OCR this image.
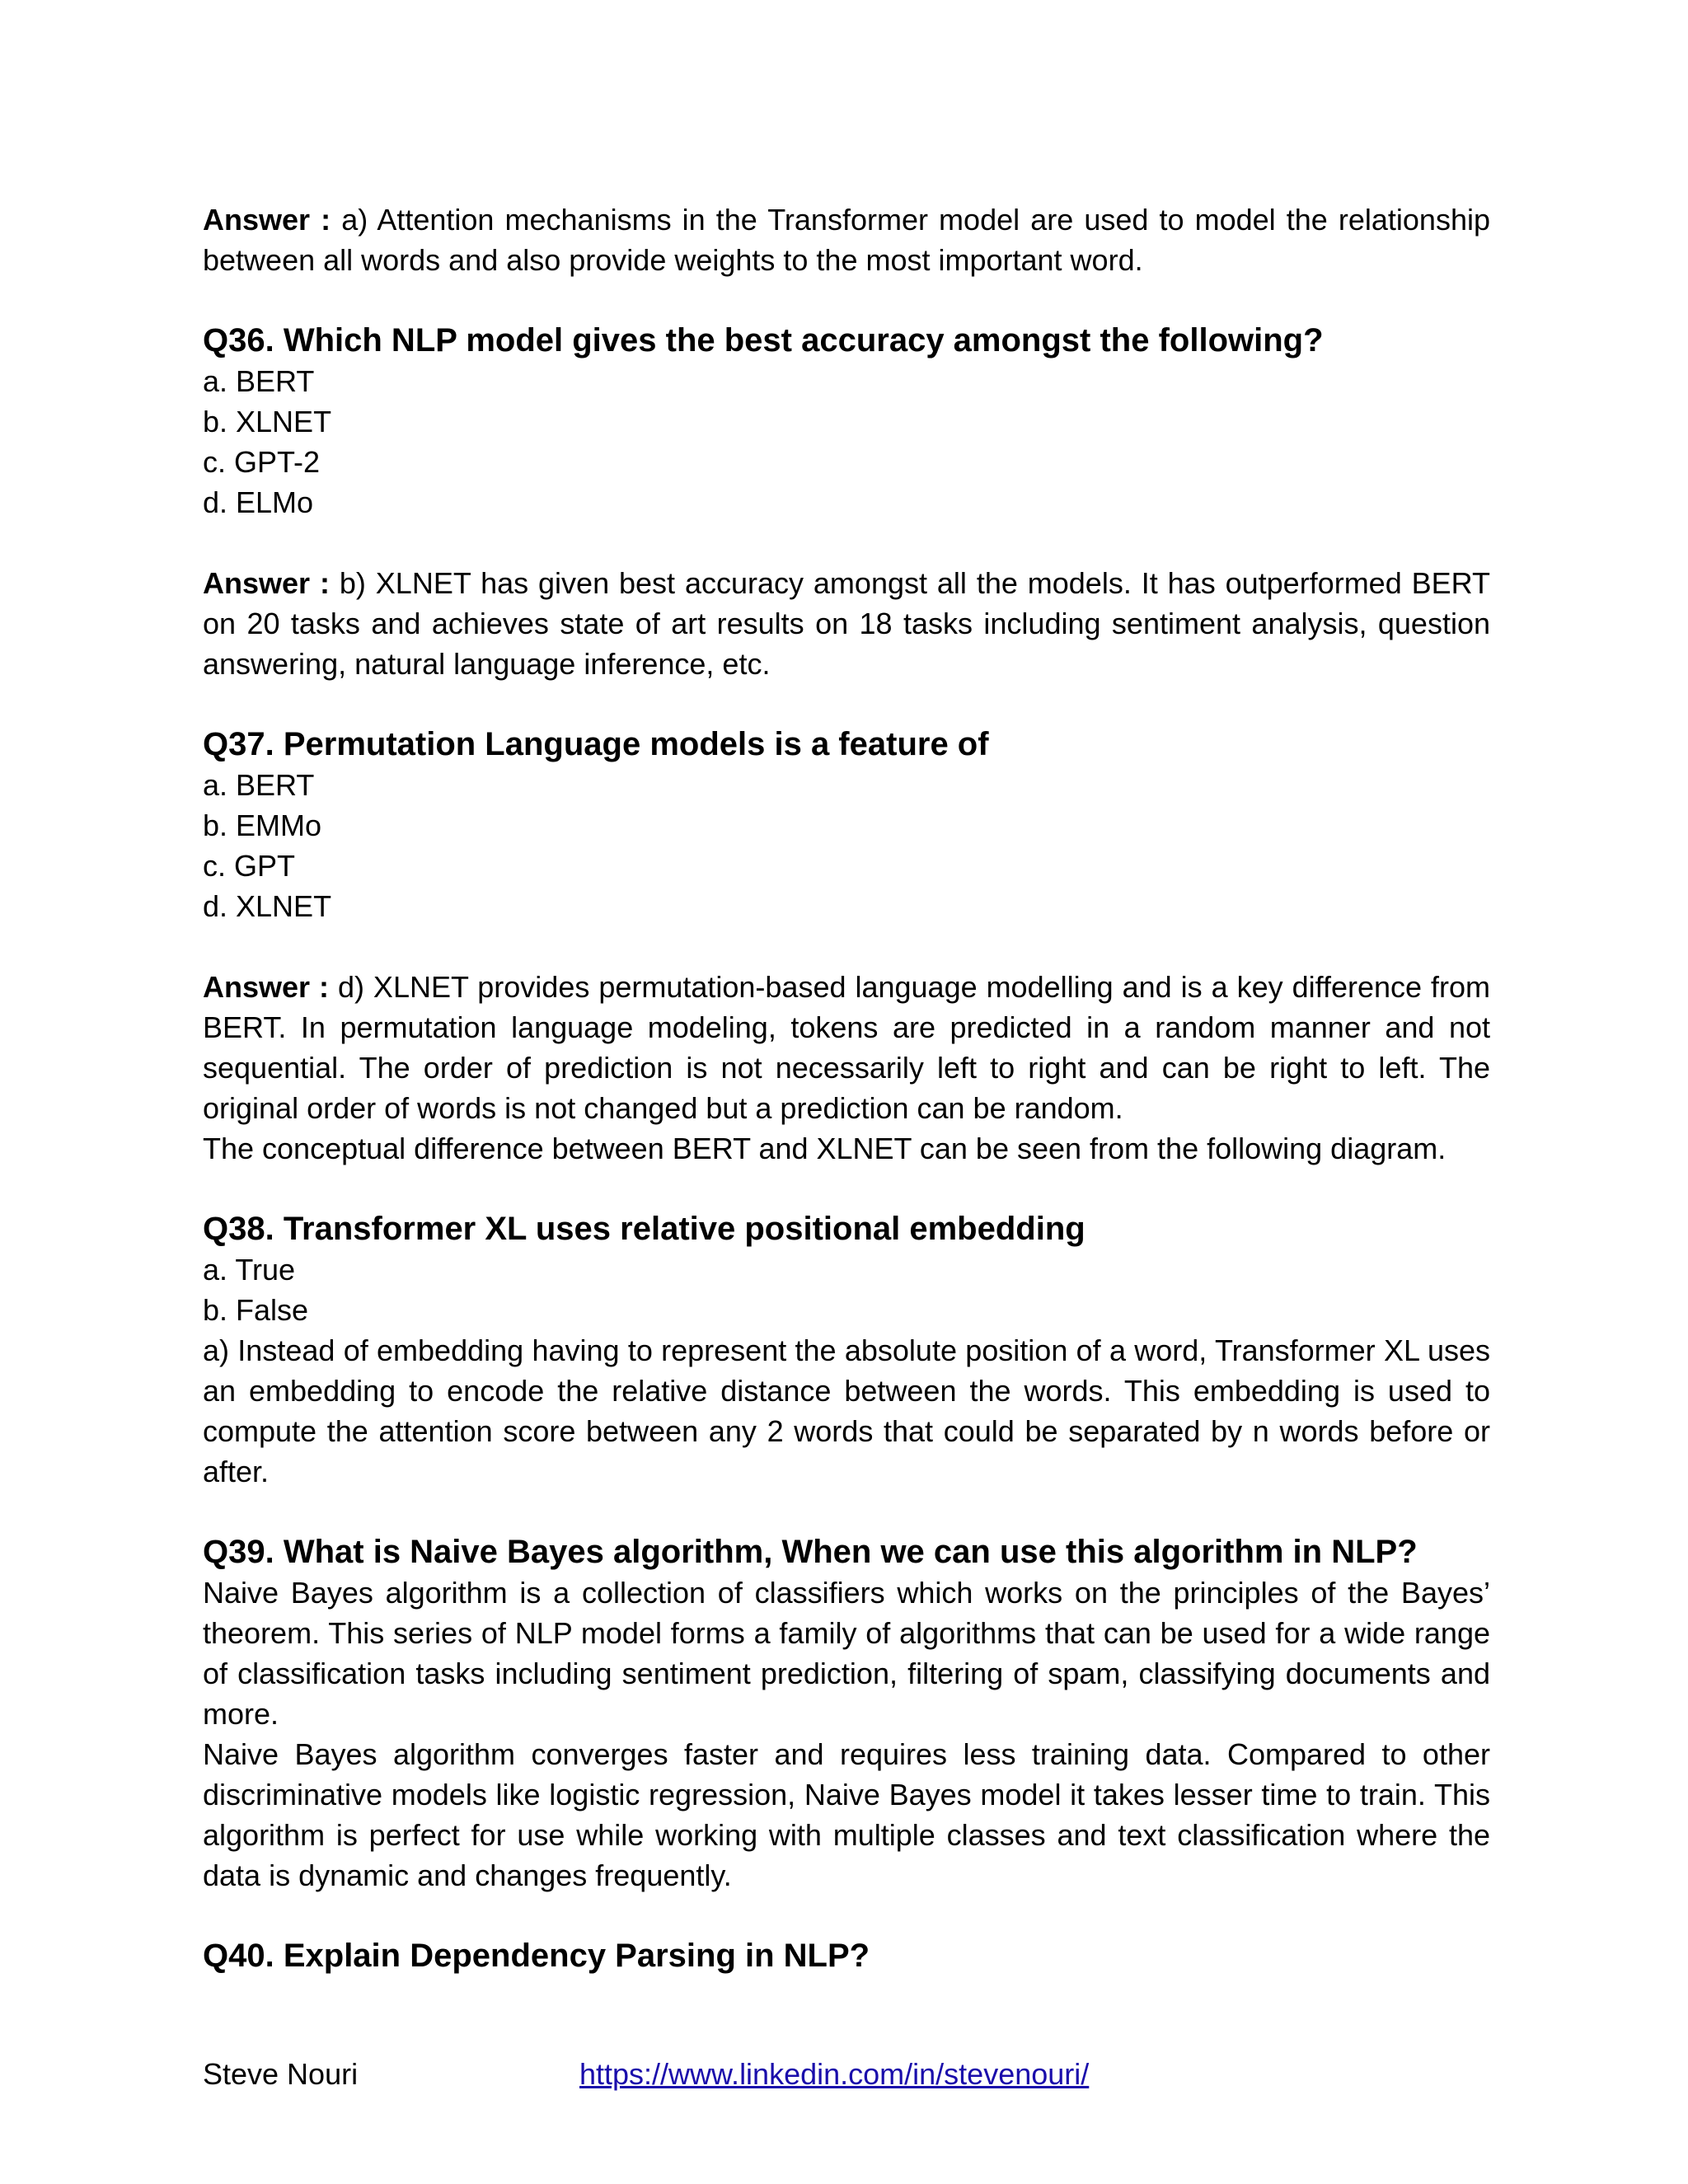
Answer : a) Attention mechanisms in the Transformer model are used to model the relationship between all words and also provide weights to the most important word.

Q36. Which NLP model gives the best accuracy amongst the following?

a. BERT

b. XLNET

c. GPT-2

d. ELMo

Answer : b) XLNET has given best accuracy amongst all the models. It has outperformed BERT on 20 tasks and achieves state of art results on 18 tasks including sentiment analysis, question answering, natural language inference, etc.

Q37. Permutation Language models is a feature of

a. BERT

b. EMMo

c. GPT

d. XLNET

Answer : d) XLNET provides permutation-based language modelling and is a key difference from BERT. In permutation language modeling, tokens are predicted in a random manner and not sequential. The order of prediction is not necessarily left to right and can be right to left. The original order of words is not changed but a prediction can be random.

The conceptual difference between BERT and XLNET can be seen from the following diagram.

Q38. Transformer XL uses relative positional embedding

a. True

b. False

a) Instead of embedding having to represent the absolute position of a word, Transformer XL uses an embedding to encode the relative distance between the words. This embedding is used to compute the attention score between any 2 words that could be separated by n words before or after.

Q39. What is Naive Bayes algorithm, When we can use this algorithm in NLP?

Naive Bayes algorithm is a collection of classifiers which works on the principles of the Bayes’ theorem. This series of NLP model forms a family of algorithms that can be used for a wide range of classification tasks including sentiment prediction, filtering of spam, classifying documents and more.

Naive Bayes algorithm converges faster and requires less training data. Compared to other discriminative models like logistic regression, Naive Bayes model it takes lesser time to train. This algorithm is perfect for use while working with multiple classes and text classification where the data is dynamic and changes frequently.

Q40. Explain Dependency Parsing in NLP?

Steve Nouri	https://www.linkedin.com/in/stevenouri/
